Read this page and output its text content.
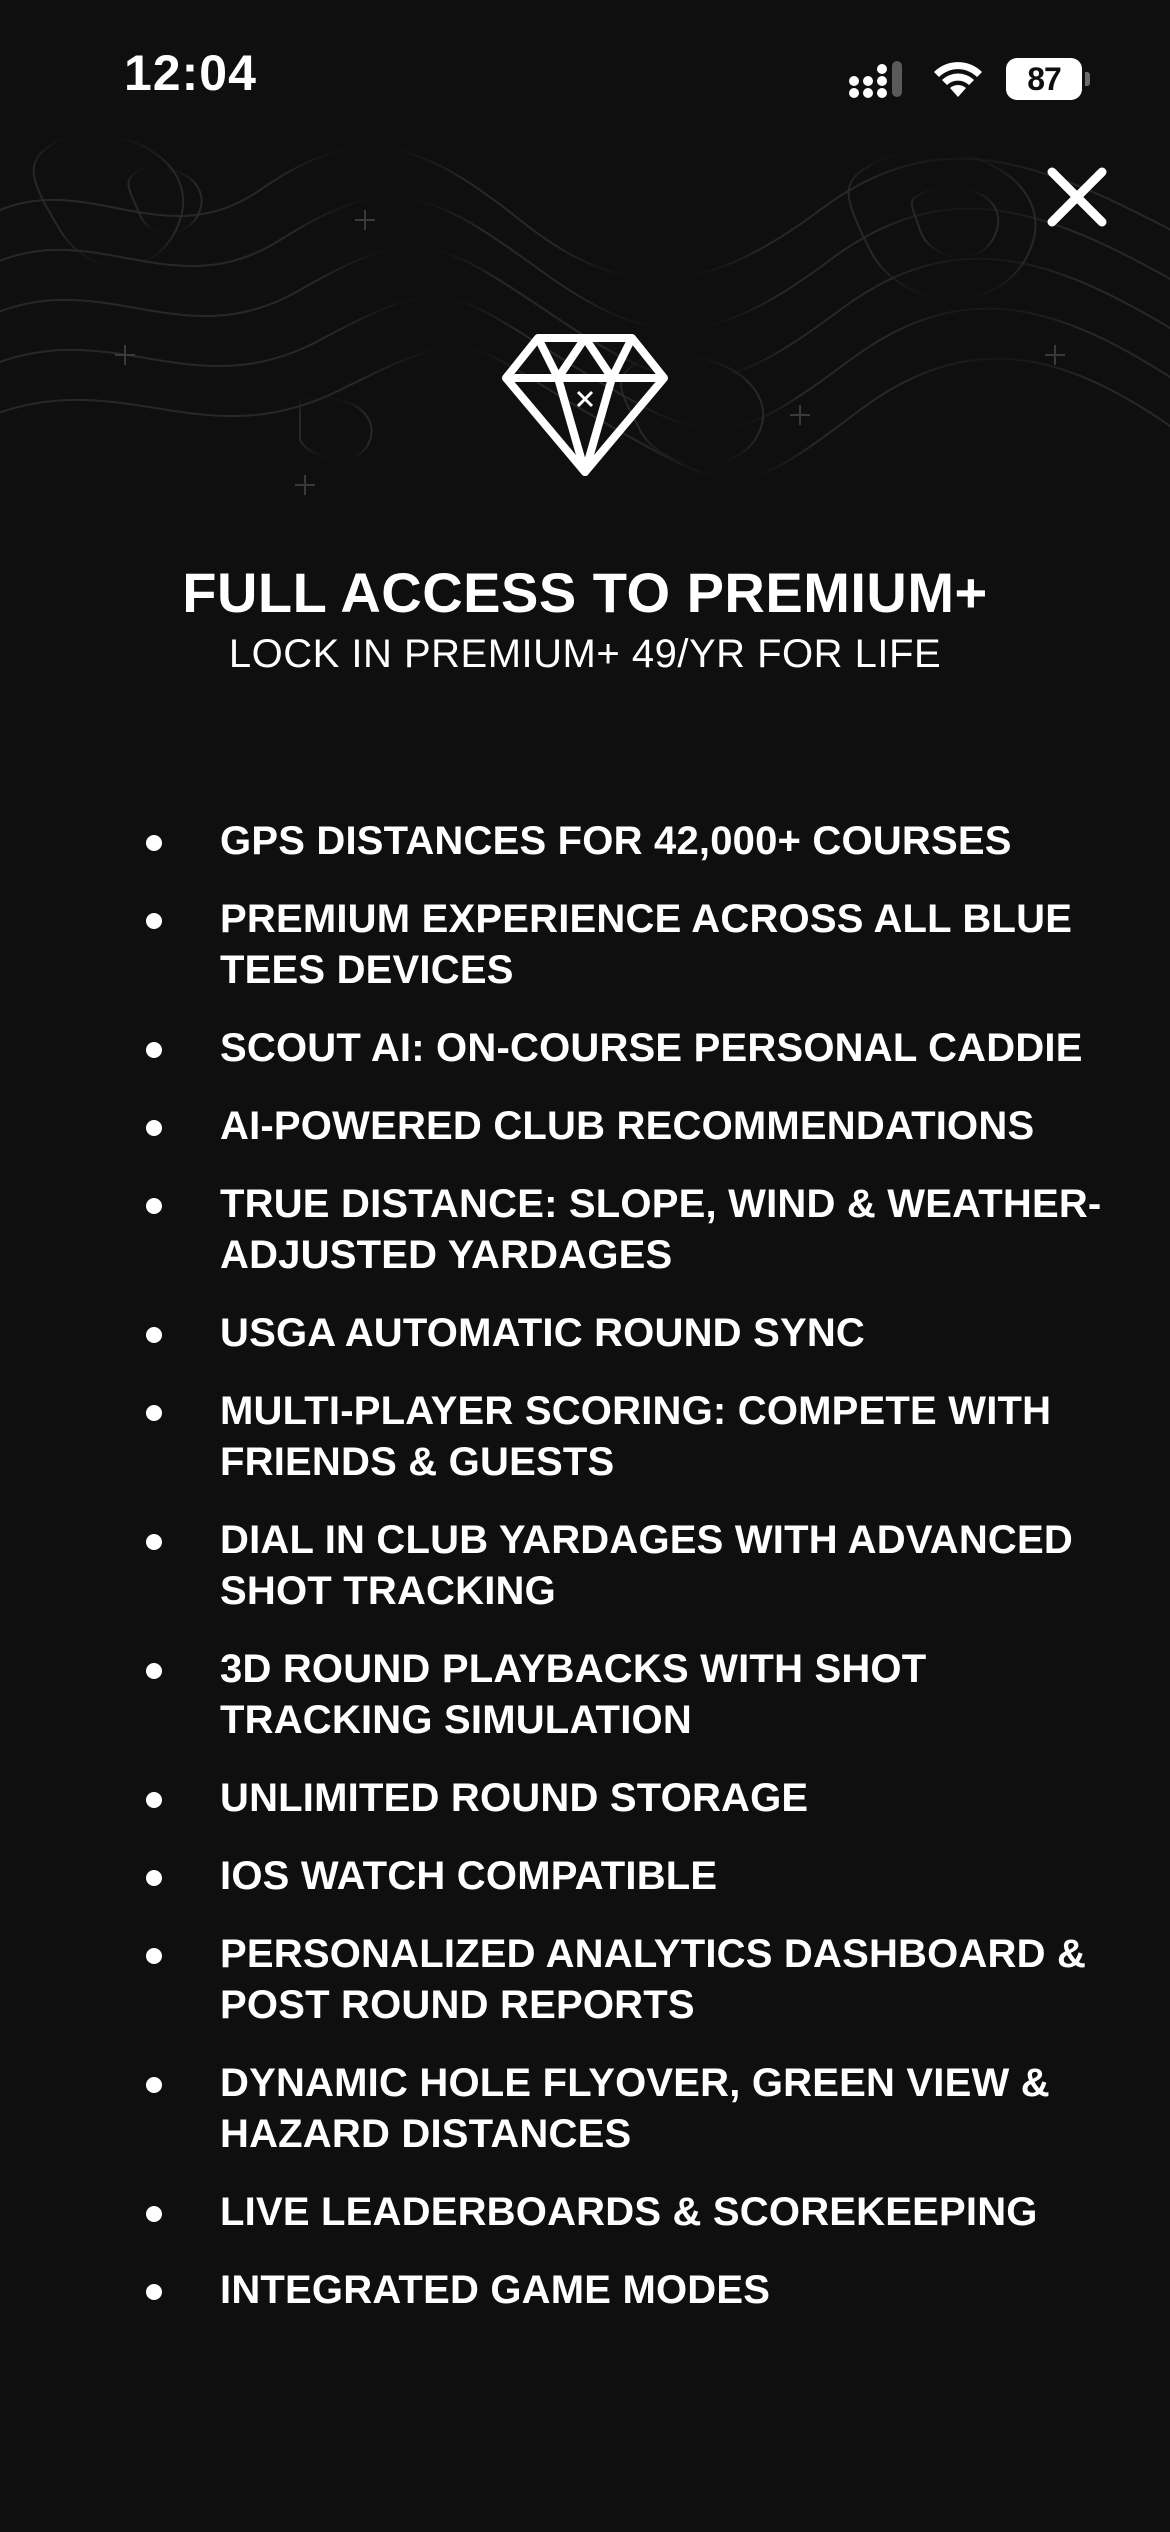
12:04	87
FULL ACCESS TO PREMIUM+
LOCK IN PREMIUM+ 49/YR FOR LIFE
GPS DISTANCES FOR 42,000+ COURSES
PREMIUM EXPERIENCE ACROSS ALL BLUE TEES DEVICES
SCOUT AI: ON-COURSE PERSONAL CADDIE
AI-POWERED CLUB RECOMMENDATIONS
TRUE DISTANCE: SLOPE, WIND & WEATHER-ADJUSTED YARDAGES
USGA AUTOMATIC ROUND SYNC
MULTI-PLAYER SCORING: COMPETE WITH FRIENDS & GUESTS
DIAL IN CLUB YARDAGES WITH ADVANCED SHOT TRACKING
3D ROUND PLAYBACKS WITH SHOT TRACKING SIMULATION
UNLIMITED ROUND STORAGE
IOS WATCH COMPATIBLE
PERSONALIZED ANALYTICS DASHBOARD & POST ROUND REPORTS
DYNAMIC HOLE FLYOVER, GREEN VIEW & HAZARD DISTANCES
LIVE LEADERBOARDS & SCOREKEEPING
INTEGRATED GAME MODES
